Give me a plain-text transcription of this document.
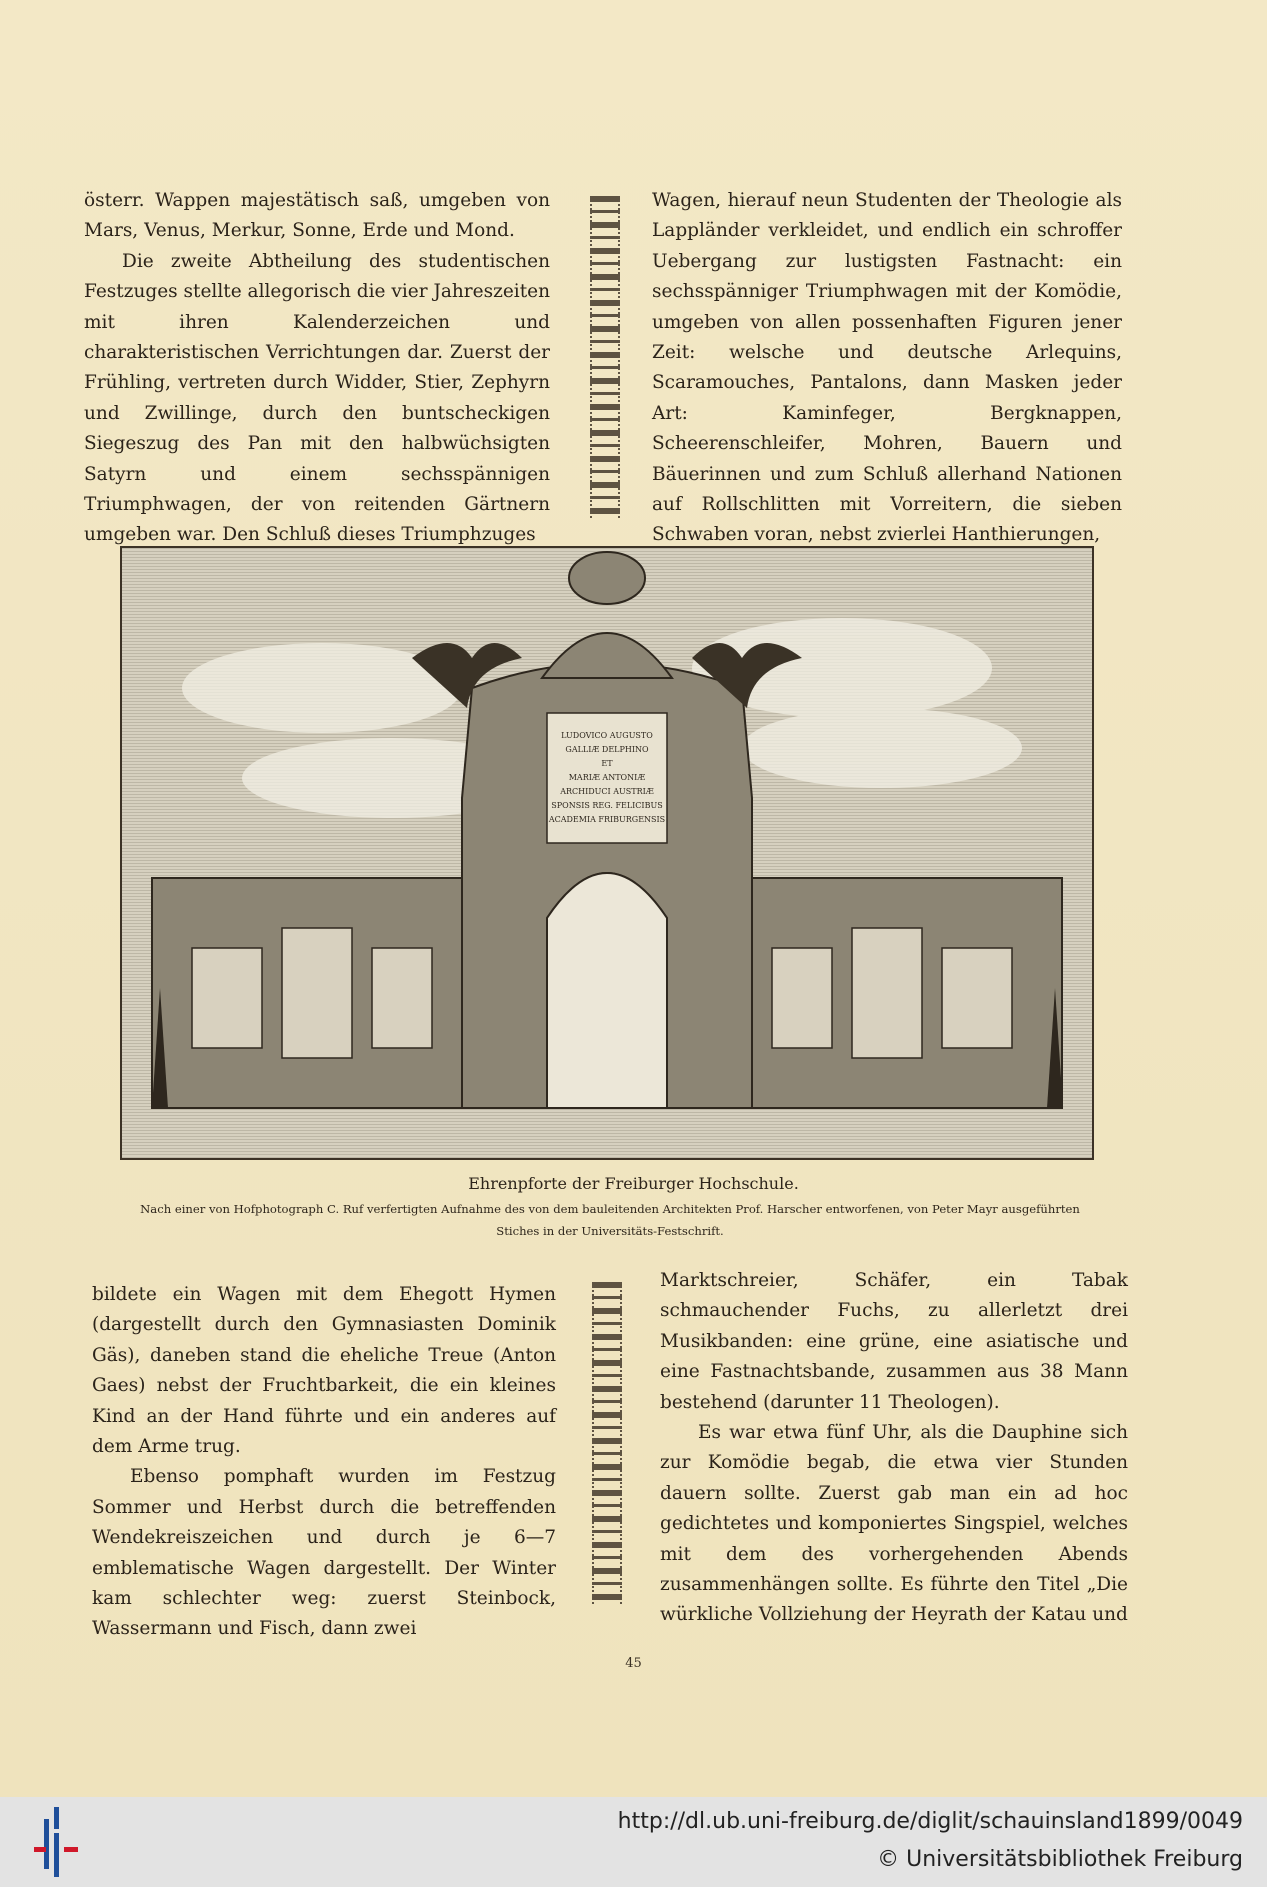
österr. Wappen majestätisch saß, umgeben von Mars, Venus, Merkur, Sonne, Erde und Mond.

Die zweite Abtheilung des studentischen Festzuges stellte allegorisch die vier Jahreszeiten mit ihren Kalenderzeichen und charakteristischen Verrichtungen dar. Zuerst der Frühling, vertreten durch Widder, Stier, Zephyrn und Zwillinge, durch den buntscheckigen Siegeszug des Pan mit den halbwüchsigten Satyrn und einem sechsspännigen Triumphwagen, der von reitenden Gärtnern umgeben war. Den Schluß dieses Triumphzuges

Wagen, hierauf neun Studenten der Theologie als Lappländer verkleidet, und endlich ein schroffer Uebergang zur lustigsten Fastnacht: ein sechsspänniger Triumphwagen mit der Komödie, umgeben von allen possenhaften Figuren jener Zeit: welsche und deutsche Arlequins, Scaramouches, Pantalons, dann Masken jeder Art: Kaminfeger, Bergknappen, Scheerenschleifer, Mohren, Bauern und Bäuerinnen und zum Schluß allerhand Nationen auf Rollschlitten mit Vorreitern, die sieben Schwaben voran, nebst zvierlei Hanthierungen,

LUDOVICO AUGUSTO
GALLIÆ DELPHINO
ET
MARIÆ ANTONIÆ
ARCHIDUCI AUSTRIÆ
SPONSIS REG. FELICIBUS
ACADEMIA FRIBURGENSIS
Ehrenpforte der Freiburger Hochschule.
Nach einer von Hofphotograph C. Ruf verfertigten Aufnahme des von dem bauleitenden Architekten Prof. Harscher entworfenen, von Peter Mayr ausgeführten Stiches in der Universitäts-Festschrift.

bildete ein Wagen mit dem Ehegott Hymen (dargestellt durch den Gymnasiasten Dominik Gäs), daneben stand die eheliche Treue (Anton Gaes) nebst der Fruchtbarkeit, die ein kleines Kind an der Hand führte und ein anderes auf dem Arme trug.

Ebenso pomphaft wurden im Festzug Sommer und Herbst durch die betreffenden Wendekreiszeichen und durch je 6—7 emblematische Wagen dargestellt. Der Winter kam schlechter weg: zuerst Steinbock, Wassermann und Fisch, dann zwei

Marktschreier, Schäfer, ein Tabak schmauchender Fuchs, zu allerletzt drei Musikbanden: eine grüne, eine asiatische und eine Fastnachtsbande, zusammen aus 38 Mann bestehend (darunter 11 Theologen).

Es war etwa fünf Uhr, als die Dauphine sich zur Komödie begab, die etwa vier Stunden dauern sollte. Zuerst gab man ein ad hoc gedichtetes und komponiertes Singspiel, welches mit dem des vorhergehenden Abends zusammenhängen sollte. Es führte den Titel „Die würkliche Vollziehung der Heyrath der Katau und

45
http://dl.ub.uni-freiburg.de/diglit/schauinsland1899/0049
© Universitätsbibliothek Freiburg
